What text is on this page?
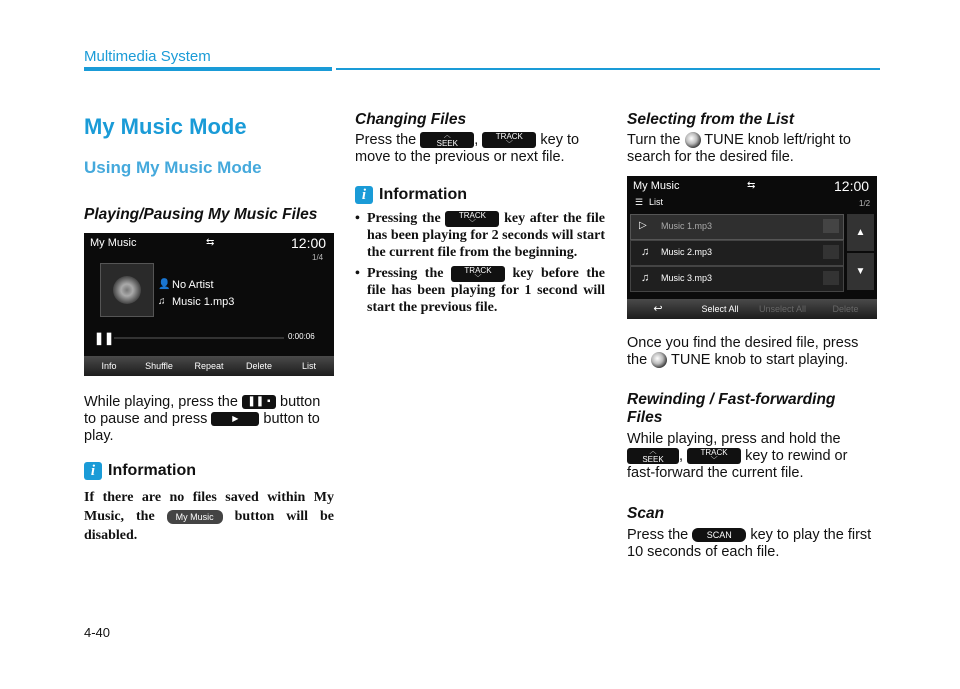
Multimedia System
My Music Mode
Using My Music Mode
Playing/Pausing My Music Files
My Music	⇆	12:00
1/4
👤 No Artist
♫ Music 1.mp3
❚❚	0:00:06
Info	Shuffle	Repeat	Delete	List
While playing, press the ❚❚ ▪ button to pause and press	▶ button to play.
i Information
If there are no files saved within My Music, the My Music button will be disabled.
Changing Files
Press the	︿
SEEK , TRACK
﹀	key to move to the previous or next file.
i Information
• Pressing the TRACK
﹀	key after the file has been playing for 2 seconds will start the current file from the beginning.
• Pressing the	TRACK
﹀	key before the file has been playing for 1 second will start the previous file.
Selecting from the List
Turn the TUNE knob left/right to search for the desired file.
My Music	⇆	12:00
☰ List	1/2
▷ Music 1.mp3
♫ Music 2.mp3
♫ Music 3.mp3
▲
▼
↩	Select All	Unselect All	Delete
Once you find the desired file, press the TUNE knob to start playing.
Rewinding / Fast-forwarding Files
While playing, press and hold the
︿
SEEK , TRACK
﹀	key to rewind or fast-forward the current file.
Scan
Press the SCAN key to play the first 10 seconds of each file.
4-40
